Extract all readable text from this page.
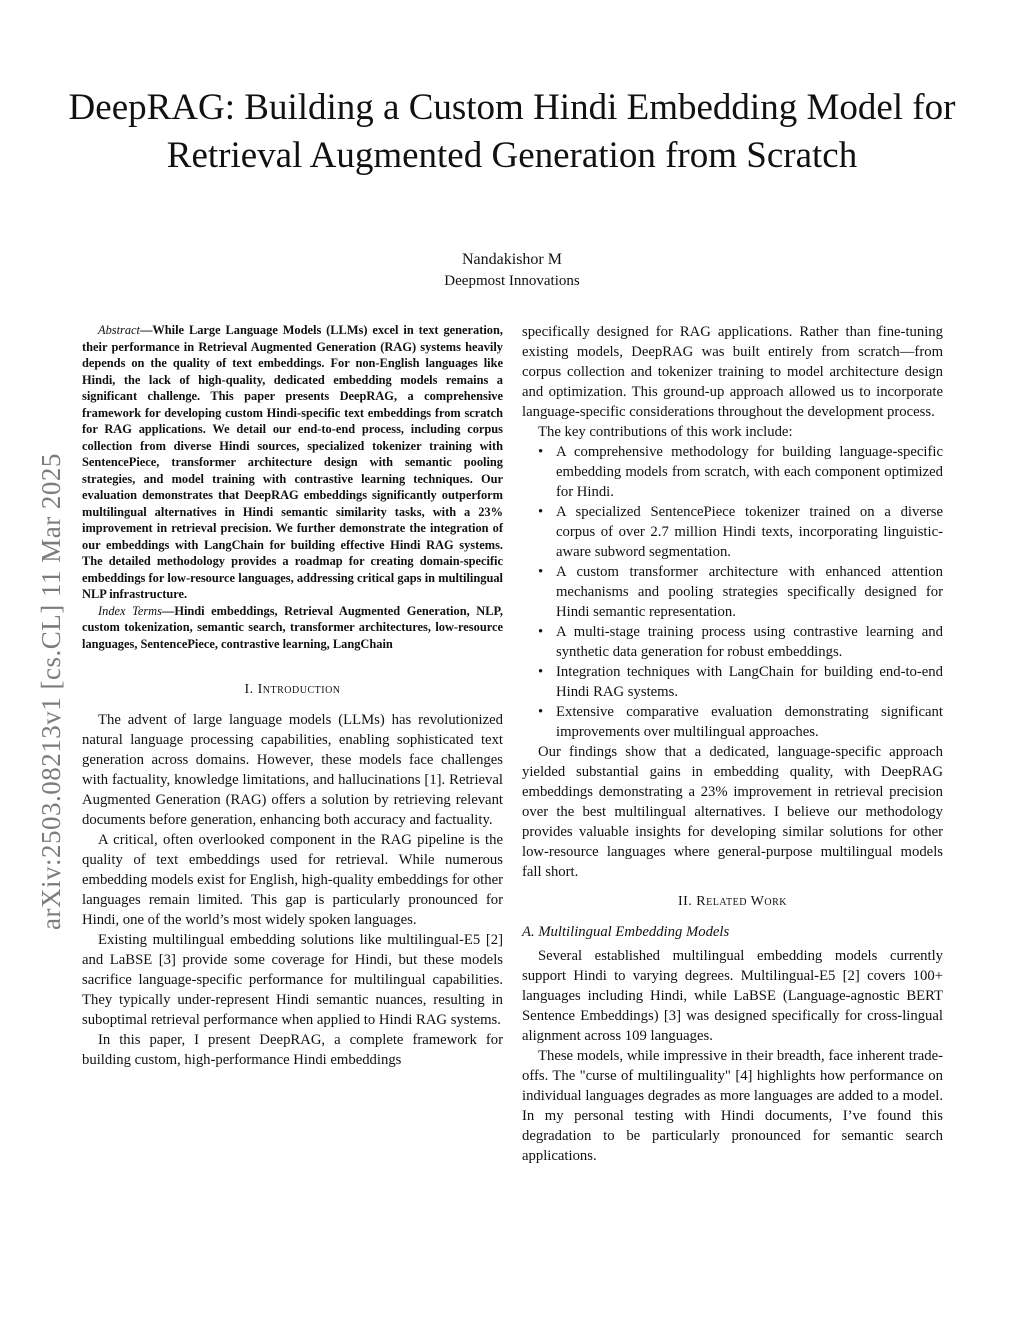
DeepRAG: Building a Custom Hindi Embedding Model for Retrieval Augmented Generation from Scratch
Nandakishor M
Deepmost Innovations
arXiv:2503.08213v1 [cs.CL] 11 Mar 2025

Abstract—While Large Language Models (LLMs) excel in text generation, their performance in Retrieval Augmented Generation (RAG) systems heavily depends on the quality of text embeddings. For non-English languages like Hindi, the lack of high-quality, dedicated embedding models remains a significant challenge. This paper presents DeepRAG, a comprehensive framework for developing custom Hindi-specific text embeddings from scratch for RAG applications. We detail our end-to-end process, including corpus collection from diverse Hindi sources, specialized tokenizer training with SentencePiece, transformer architecture design with semantic pooling strategies, and model training with contrastive learning techniques. Our evaluation demonstrates that DeepRAG embeddings significantly outperform multilingual alternatives in Hindi semantic similarity tasks, with a 23% improvement in retrieval precision. We further demonstrate the integration of our embeddings with LangChain for building effective Hindi RAG systems. The detailed methodology provides a roadmap for creating domain-specific embeddings for low-resource languages, addressing critical gaps in multilingual NLP infrastructure.

Index Terms—Hindi embeddings, Retrieval Augmented Generation, NLP, custom tokenization, semantic search, transformer architectures, low-resource languages, SentencePiece, contrastive learning, LangChain

I. Introduction

The advent of large language models (LLMs) has revolutionized natural language processing capabilities, enabling sophisticated text generation across domains. However, these models face challenges with factuality, knowledge limitations, and hallucinations [1]. Retrieval Augmented Generation (RAG) offers a solution by retrieving relevant documents before generation, enhancing both accuracy and factuality.

A critical, often overlooked component in the RAG pipeline is the quality of text embeddings used for retrieval. While numerous embedding models exist for English, high-quality embeddings for other languages remain limited. This gap is particularly pronounced for Hindi, one of the world’s most widely spoken languages.

Existing multilingual embedding solutions like multilingual-E5 [2] and LaBSE [3] provide some coverage for Hindi, but these models sacrifice language-specific performance for multilingual capabilities. They typically under-represent Hindi semantic nuances, resulting in suboptimal retrieval performance when applied to Hindi RAG systems.

In this paper, I present DeepRAG, a complete framework for building custom, high-performance Hindi embeddings

specifically designed for RAG applications. Rather than fine-tuning existing models, DeepRAG was built entirely from scratch—from corpus collection and tokenizer training to model architecture design and optimization. This ground-up approach allowed us to incorporate language-specific considerations throughout the development process.

The key contributions of this work include:

• A comprehensive methodology for building language-specific embedding models from scratch, with each component optimized for Hindi.
• A specialized SentencePiece tokenizer trained on a diverse corpus of over 2.7 million Hindi texts, incorporating linguistic-aware subword segmentation.
• A custom transformer architecture with enhanced attention mechanisms and pooling strategies specifically designed for Hindi semantic representation.
• A multi-stage training process using contrastive learning and synthetic data generation for robust embeddings.
• Integration techniques with LangChain for building end-to-end Hindi RAG systems.
• Extensive comparative evaluation demonstrating significant improvements over multilingual approaches.

Our findings show that a dedicated, language-specific approach yielded substantial gains in embedding quality, with DeepRAG embeddings demonstrating a 23% improvement in retrieval precision over the best multilingual alternatives. I believe our methodology provides valuable insights for developing similar solutions for other low-resource languages where general-purpose multilingual models fall short.

II. Related Work
A. Multilingual Embedding Models

Several established multilingual embedding models currently support Hindi to varying degrees. Multilingual-E5 [2] covers 100+ languages including Hindi, while LaBSE (Language-agnostic BERT Sentence Embeddings) [3] was designed specifically for cross-lingual alignment across 109 languages.

These models, while impressive in their breadth, face inherent trade-offs. The "curse of multilinguality" [4] highlights how performance on individual languages degrades as more languages are added to a model. In my personal testing with Hindi documents, I’ve found this degradation to be particularly pronounced for semantic search applications.
